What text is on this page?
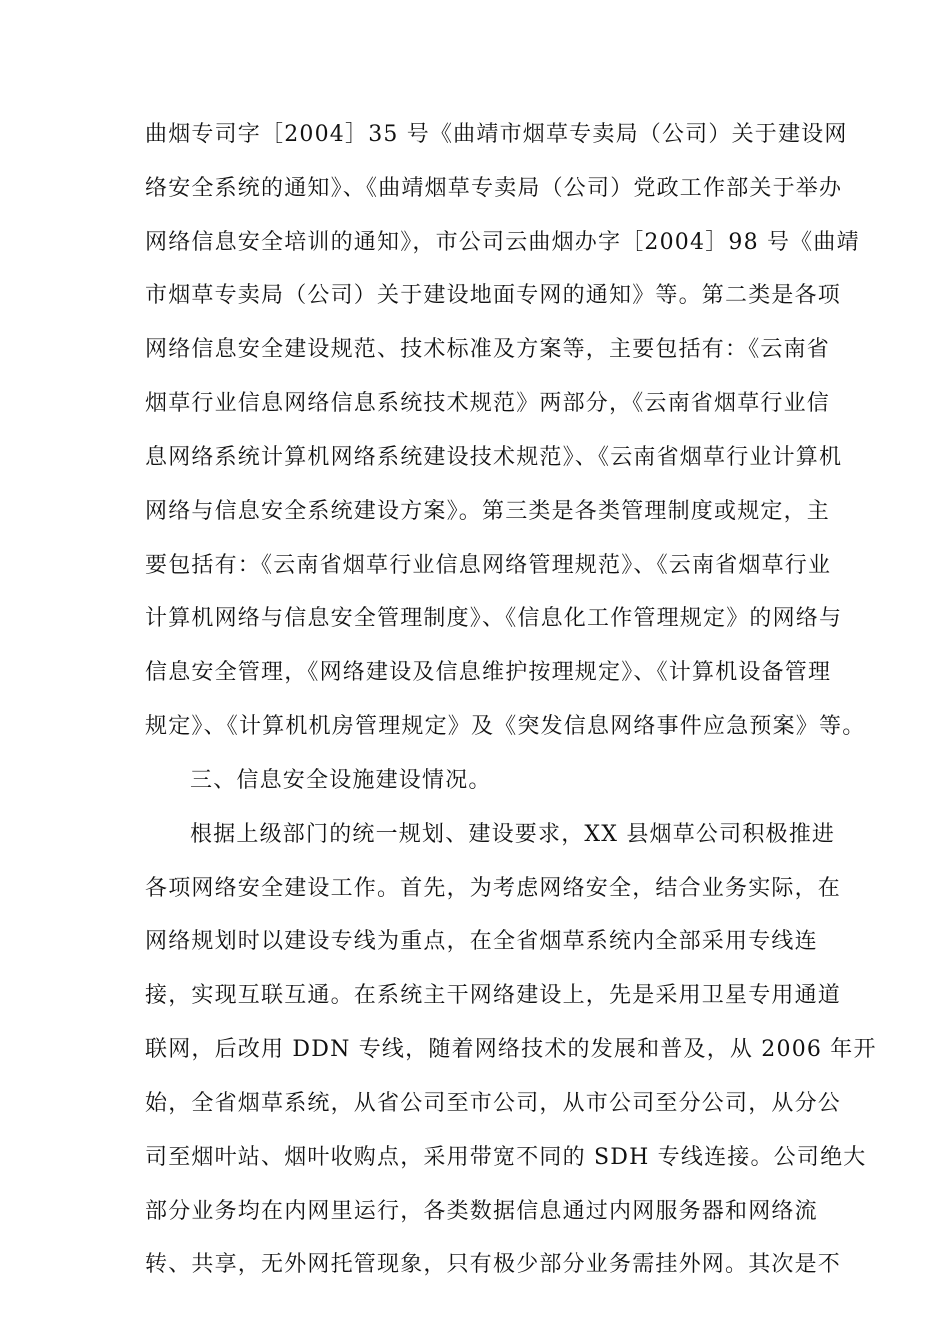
曲烟专司字［2004］35 号《曲靖市烟草专卖局（公司）关于建设网
络安全系统的通知》、《曲靖烟草专卖局（公司）党政工作部关于举办
网络信息安全培训的通知》，市公司云曲烟办字［2004］98 号《曲靖
市烟草专卖局（公司）关于建设地面专网的通知》等。第二类是各项
网络信息安全建设规范、技术标准及方案等，主要包括有：《云南省
烟草行业信息网络信息系统技术规范》两部分，《云南省烟草行业信
息网络系统计算机网络系统建设技术规范》、《云南省烟草行业计算机
网络与信息安全系统建设方案》。第三类是各类管理制度或规定，主
要包括有：《云南省烟草行业信息网络管理规范》、《云南省烟草行业
计算机网络与信息安全管理制度》、《信息化工作管理规定》的网络与
信息安全管理，《网络建设及信息维护按理规定》、《计算机设备管理
规定》、《计算机机房管理规定》及《突发信息网络事件应急预案》等。
三、信息安全设施建设情况。
根据上级部门的统一规划、建设要求，XX 县烟草公司积极推进
各项网络安全建设工作。首先，为考虑网络安全，结合业务实际，在
网络规划时以建设专线为重点，在全省烟草系统内全部采用专线连
接，实现互联互通。在系统主干网络建设上，先是采用卫星专用通道
联网，后改用 DDN 专线，随着网络技术的发展和普及，从 2006 年开
始，全省烟草系统，从省公司至市公司，从市公司至分公司，从分公
司至烟叶站、烟叶收购点，采用带宽不同的 SDH 专线连接。公司绝大
部分业务均在内网里运行，各类数据信息通过内网服务器和网络流
转、共享，无外网托管现象，只有极少部分业务需挂外网。其次是不
